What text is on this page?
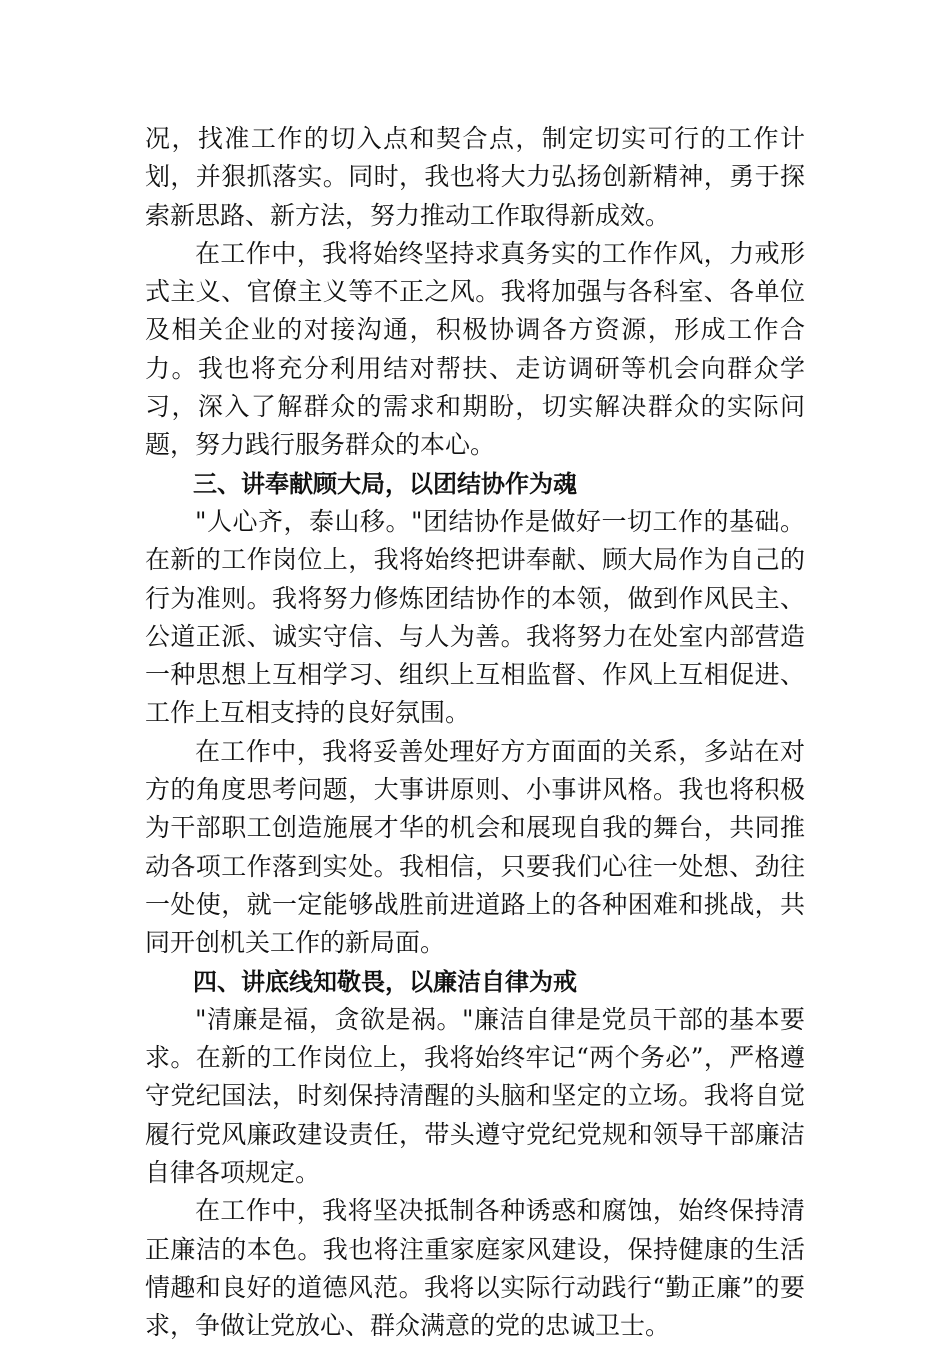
况，找准工作的切入点和契合点，制定切实可行的工作计划，并狠抓落实。同时，我也将大力弘扬创新精神，勇于探索新思路、新方法，努力推动工作取得新成效。

在工作中，我将始终坚持求真务实的工作作风，力戒形式主义、官僚主义等不正之风。我将加强与各科室、各单位及相关企业的对接沟通，积极协调各方资源，形成工作合力。我也将充分利用结对帮扶、走访调研等机会向群众学习，深入了解群众的需求和期盼，切实解决群众的实际问题，努力践行服务群众的本心。

三、讲奉献顾大局，以团结协作为魂

"人心齐，泰山移。"团结协作是做好一切工作的基础。在新的工作岗位上，我将始终把讲奉献、顾大局作为自己的行为准则。我将努力修炼团结协作的本领，做到作风民主、公道正派、诚实守信、与人为善。我将努力在处室内部营造一种思想上互相学习、组织上互相监督、作风上互相促进、工作上互相支持的良好氛围。

在工作中，我将妥善处理好方方面面的关系，多站在对方的角度思考问题，大事讲原则、小事讲风格。我也将积极为干部职工创造施展才华的机会和展现自我的舞台，共同推动各项工作落到实处。我相信，只要我们心往一处想、劲往一处使，就一定能够战胜前进道路上的各种困难和挑战，共同开创机关工作的新局面。

四、讲底线知敬畏，以廉洁自律为戒

"清廉是福，贪欲是祸。"廉洁自律是党员干部的基本要求。在新的工作岗位上，我将始终牢记“两个务必”，严格遵守党纪国法，时刻保持清醒的头脑和坚定的立场。我将自觉履行党风廉政建设责任，带头遵守党纪党规和领导干部廉洁自律各项规定。

在工作中，我将坚决抵制各种诱惑和腐蚀，始终保持清正廉洁的本色。我也将注重家庭家风建设，保持健康的生活情趣和良好的道德风范。我将以实际行动践行“勤正廉”的要求，争做让党放心、群众满意的党的忠诚卫士。
